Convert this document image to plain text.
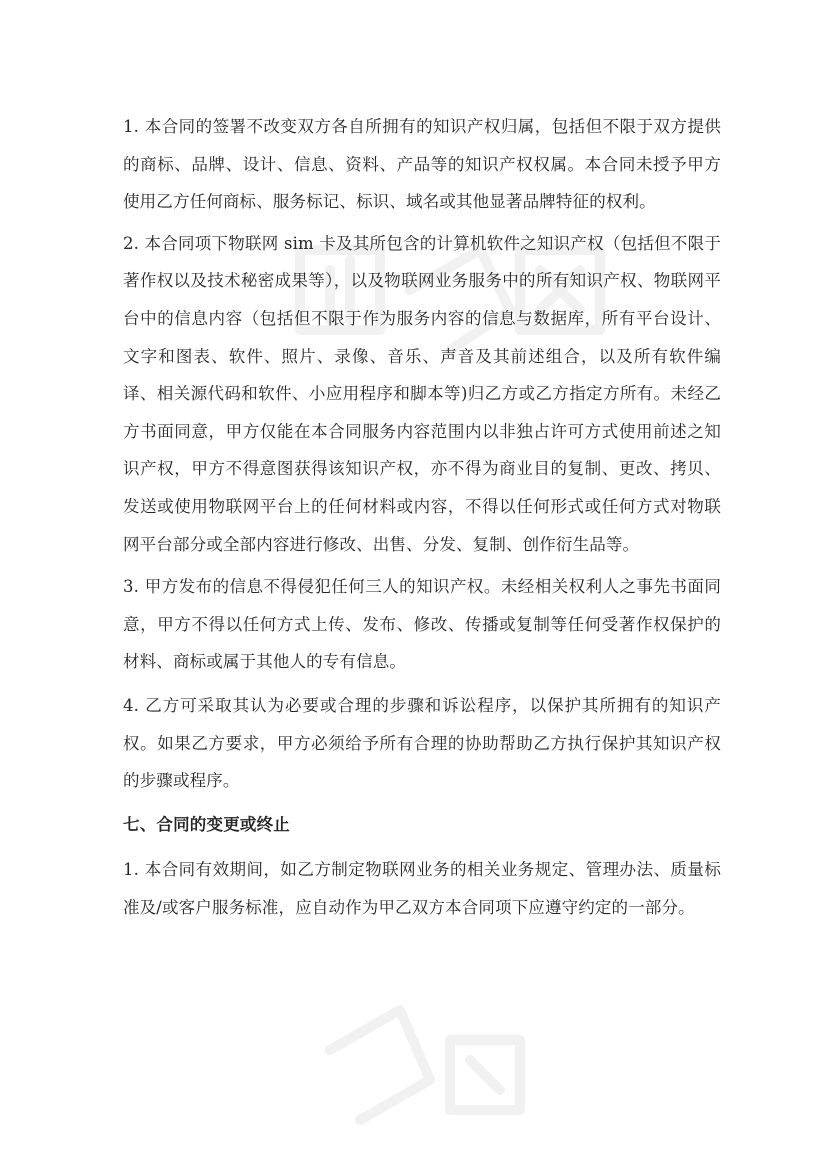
1. 本合同的签署不改变双方各自所拥有的知识产权归属，包括但不限于双方提供的商标、品牌、设计、信息、资料、产品等的知识产权权属。本合同未授予甲方使用乙方任何商标、服务标记、标识、域名或其他显著品牌特征的权利。

2. 本合同项下物联网 sim 卡及其所包含的计算机软件之知识产权（包括但不限于著作权以及技术秘密成果等），以及物联网业务服务中的所有知识产权、物联网平台中的信息内容（包括但不限于作为服务内容的信息与数据库，所有平台设计、文字和图表、软件、照片、录像、音乐、声音及其前述组合，以及所有软件编译、相关源代码和软件、小应用程序和脚本等)归乙方或乙方指定方所有。未经乙方书面同意，甲方仅能在本合同服务内容范围内以非独占许可方式使用前述之知识产权，甲方不得意图获得该知识产权，亦不得为商业目的复制、更改、拷贝、发送或使用物联网平台上的任何材料或内容，不得以任何形式或任何方式对物联网平台部分或全部内容进行修改、出售、分发、复制、创作衍生品等。

3. 甲方发布的信息不得侵犯任何三人的知识产权。未经相关权利人之事先书面同意，甲方不得以任何方式上传、发布、修改、传播或复制等任何受著作权保护的材料、商标或属于其他人的专有信息。

4. 乙方可采取其认为必要或合理的步骤和诉讼程序，以保护其所拥有的知识产权。如果乙方要求，甲方必须给予所有合理的协助帮助乙方执行保护其知识产权的步骤或程序。

七、合同的变更或终止

1. 本合同有效期间，如乙方制定物联网业务的相关业务规定、管理办法、质量标准及/或客户服务标准，应自动作为甲乙双方本合同项下应遵守约定的一部分。
